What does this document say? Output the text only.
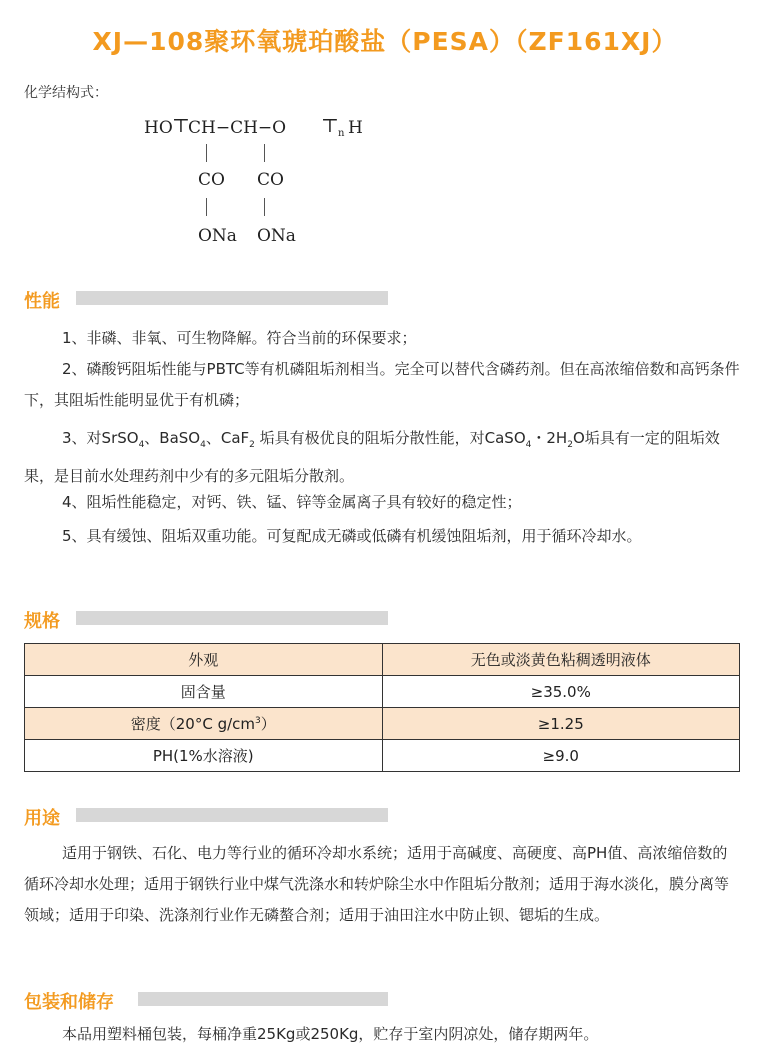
XJ—108聚环氧琥珀酸盐（PESA）（ZF161XJ）
化学结构式：
HO ⊤
CH−CH−O ⊤ n H
CO CO
ONa ONa
性能

1、非磷、非氧、可生物降解。符合当前的环保要求；

2、磷酸钙阻垢性能与PBTC等有机磷阻垢剂相当。完全可以替代含磷药剂。但在高浓缩倍数和高钙条件下，其阻垢性能明显优于有机磷；

3、对SrSO$_4$、BaSO$_4$、CaF$_2$ 垢具有极优良的阻垢分散性能，对CaSO$_4$・$2H_2O$垢具有一定的阻垢效果，是目前水处理药剂中少有的多元阻垢分散剂。

4、阻垢性能稳定，对钙、铁、锰、锌等金属离子具有较好的稳定性；

5、具有缓蚀、阻垢双重功能。可复配成无磷或低磷有机缓蚀阻垢剂，用于循环冷却水。

规格
外观	无色或淡黄色粘稠透明液体
固含量	≥35.0%
密度（20°C $g/cm^3$）	≥1.25
PH(1%水溶液)	≥9.0
用途

适用于钢铁、石化、电力等行业的循环冷却水系统；适用于高碱度、高硬度、高PH值、高浓缩倍数的循环冷却水处理；适用于钢铁行业中煤气洗涤水和转炉除尘水中作阻垢分散剂；适用于海水淡化，膜分离等领域；适用于印染、洗涤剂行业作无磷螯合剂；适用于油田注水中防止钡、锶垢的生成。

包装和储存

本品用塑料桶包装，每桶净重25Kg或250Kg，贮存于室内阴凉处，储存期两年。
